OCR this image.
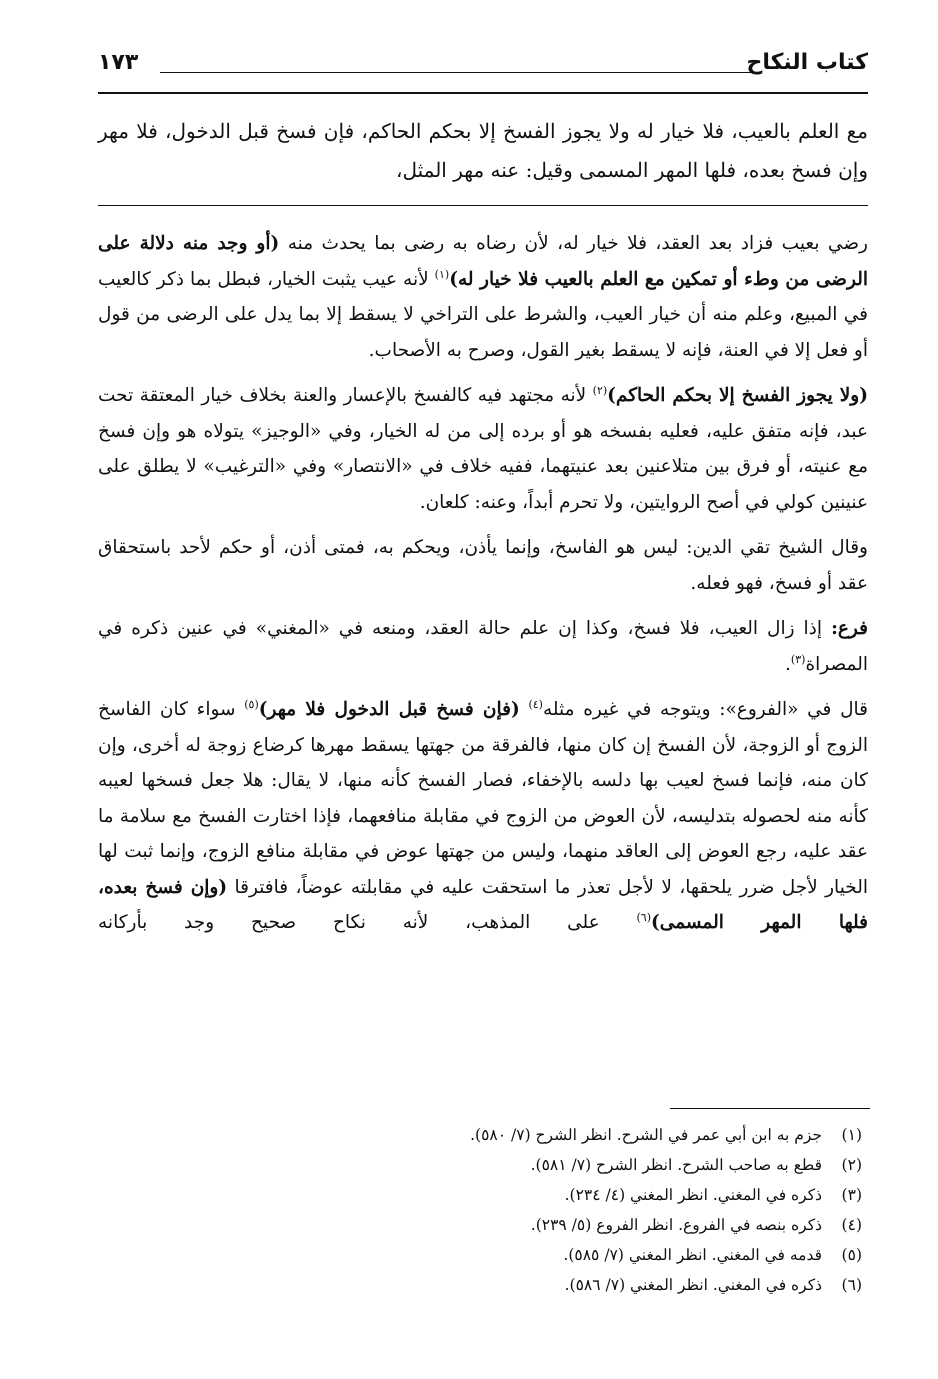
كتاب النكاح
١٧٣
مع العلم بالعيب، فلا خيار له ولا يجوز الفسخ إلا بحكم الحاكم، فإن فسخ قبل الدخول، فلا مهر وإن فسخ بعده، فلها المهر المسمى وقيل: عنه مهر المثل،

رضي بعيب فزاد بعد العقد، فلا خيار له، لأن رضاه به رضى بما يحدث منه (أو وجد منه دلالة على الرضى من وطء أو تمكين مع العلم بالعيب فلا خيار له)$^{(١)}$ لأنه عيب يثبت الخيار، فبطل بما ذكر كالعيب في المبيع، وعلم منه أن خيار العيب، والشرط على التراخي لا يسقط إلا بما يدل على الرضى من قول أو فعل إلا في العنة، فإنه لا يسقط بغير القول، وصرح به الأصحاب.

(ولا يجوز الفسخ إلا بحكم الحاكم)$^{(٢)}$ لأنه مجتهد فيه كالفسخ بالإعسار والعنة بخلاف خيار المعتقة تحت عبد، فإنه متفق عليه، فعليه بفسخه هو أو برده إلى من له الخيار، وفي «الوجيز» يتولاه هو وإن فسخ مع عنيته، أو فرق بين متلاعنين بعد عنيتهما، ففيه خلاف في «الانتصار» وفي «الترغيب» لا يطلق على عنينين كولي في أصح الروايتين، ولا تحرم أبداً، وعنه: كلعان.

وقال الشيخ تقي الدين: ليس هو الفاسخ، وإنما يأذن، ويحكم به، فمتى أذن، أو حكم لأحد باستحقاق عقد أو فسخ، فهو فعله.

فرع: إذا زال العيب، فلا فسخ، وكذا إن علم حالة العقد، ومنعه في «المغني» في عنين ذكره في المصراة$^{(٣)}$.

قال في «الفروع»: ويتوجه في غيره مثله$^{(٤)}$ (فإن فسخ قبل الدخول فلا مهر)$^{(٥)}$ سواء كان الفاسخ الزوج أو الزوجة، لأن الفسخ إن كان منها، فالفرقة من جهتها يسقط مهرها كرضاع زوجة له أخرى، وإن كان منه، فإنما فسخ لعيب بها دلسه بالإخفاء، فصار الفسخ كأنه منها، لا يقال: هلا جعل فسخها لعيبه كأنه منه لحصوله بتدليسه، لأن العوض من الزوج في مقابلة منافعهما، فإذا اختارت الفسخ مع سلامة ما عقد عليه، رجع العوض إلى العاقد منهما، وليس من جهتها عوض في مقابلة منافع الزوج، وإنما ثبت لها الخيار لأجل ضرر يلحقها، لا لأجل تعذر ما استحقت عليه في مقابلته عوضاً، فافترقا (وإن فسخ بعده، فلها المهر المسمى)$^{(٦)}$ على المذهب، لأنه نكاح صحيح وجد بأركانه

(١)جزم به ابن أبي عمر في الشرح. انظر الشرح (٧/ ٥٨٠).
(٢)قطع به صاحب الشرح. انظر الشرح (٧/ ٥٨١).
(٣)ذكره في المغني. انظر المغني (٤/ ٢٣٤).
(٤)ذكره بنصه في الفروع. انظر الفروع (٥/ ٢٣٩).
(٥)قدمه في المغني. انظر المغني (٧/ ٥٨٥).
(٦)ذكره في المغني. انظر المغني (٧/ ٥٨٦).
